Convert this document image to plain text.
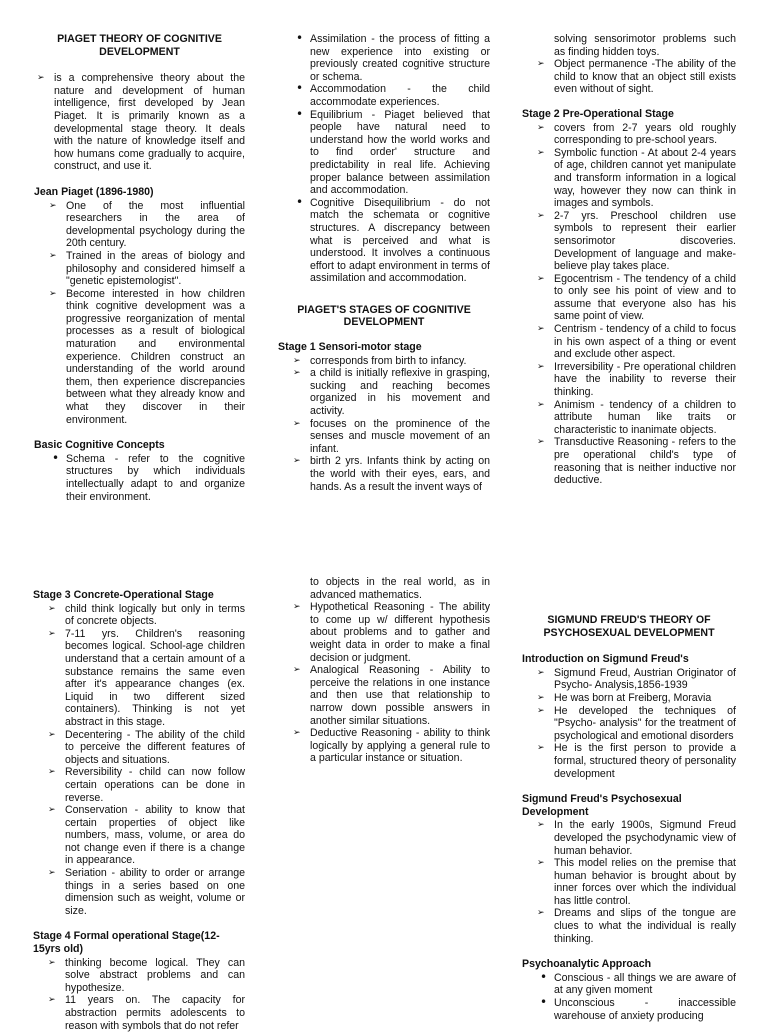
PIAGET THEORY OF COGNITIVE DEVELOPMENT
➢ is a comprehensive theory about the nature and development of human intelligence, first developed by Jean Piaget. It is primarily known as a developmental stage theory. It deals with the nature of knowledge itself and how humans come gradually to acquire, construct, and use it.
Jean Piaget (1896-1980)
➢ One of the most influential researchers in the area of developmental psychology during the 20th century.
➢ Trained in the areas of biology and philosophy and considered himself a "genetic epistemologist".
➢ Become interested in how children think cognitive development was a progressive reorganization of mental processes as a result of biological maturation and environmental experience. Children construct an understanding of the world around them, then experience discrepancies between what they already know and what they discover in their environment.
Basic Cognitive Concepts
• Schema - refer to the cognitive structures by which individuals intellectually adapt to and organize their environment.
• Assimilation - the process of fitting a new experience into existing or previously created cognitive structure or schema.
• Accommodation - the child accommodate experiences.
• Equilibrium - Piaget believed that people have natural need to understand how the world works and to find order' structure and predictability in real life. Achieving proper balance between assimilation and accommodation.
• Cognitive Disequilibrium - do not match the schemata or cognitive structures. A discrepancy between what is perceived and what is understood. It involves a continuous effort to adapt environment in terms of assimilation and accommodation.
PIAGET'S STAGES OF COGNITIVE DEVELOPMENT
Stage 1 Sensori-motor stage
➢ corresponds from birth to infancy.
➢ a child is initially reflexive in grasping, sucking and reaching becomes organized in his movement and activity.
➢ focuses on the prominence of the senses and muscle movement of an infant.
➢ birth 2 yrs. Infants think by acting on the world with their eyes, ears, and hands. As a result the invent ways of

solving sensorimotor problems such as finding hidden toys.

➢ Object permanence -The ability of the child to know that an object still exists even without of sight.
Stage 2 Pre-Operational Stage
➢ covers from 2-7 years old roughly corresponding to pre-school years.
➢ Symbolic function - At about 2-4 years of age, children cannot yet manipulate and transform information in a logical way, however they now can think in images and symbols.
➢ 2-7 yrs. Preschool children use symbols to represent their earlier sensorimotor discoveries. Development of language and make-believe play takes place.
➢ Egocentrism - The tendency of a child to only see his point of view and to assume that everyone also has his same point of view.
➢ Centrism - tendency of a child to focus in his own aspect of a thing or event and exclude other aspect.
➢ Irreversibility - Pre operational children have the inability to reverse their thinking.
➢ Animism - tendency of a children to attribute human like traits or characteristic to inanimate objects.
➢ Transductive Reasoning - refers to the pre operational child's type of reasoning that is neither inductive nor deductive.
Stage 3 Concrete-Operational Stage
➢ child think logically but only in terms of concrete objects.
➢ 7-11 yrs. Children's reasoning becomes logical. School-age children understand that a certain amount of a substance remains the same even after it's appearance changes (ex. Liquid in two different sized containers). Thinking is not yet abstract in this stage.
➢ Decentering - The ability of the child to perceive the different features of objects and situations.
➢ Reversibility - child can now follow certain operations can be done in reverse.
➢ Conservation - ability to know that certain properties of object like numbers, mass, volume, or area do not change even if there is a change in appearance.
➢ Seriation - ability to order or arrange things in a series based on one dimension such as weight, volume or size.
Stage 4 Formal operational Stage(12-15yrs old)
➢ thinking become logical. They can solve abstract problems and can hypothesize.
➢ 11 years on. The capacity for abstraction permits adolescents to reason with symbols that do not refer

to objects in the real world, as in advanced mathematics.

➢ Hypothetical Reasoning - The ability to come up w/ different hypothesis about problems and to gather and weight data in order to make a final decision or judgment.
➢ Analogical Reasoning - Ability to perceive the relations in one instance and then use that relationship to narrow down possible answers in another similar situations.
➢ Deductive Reasoning - ability to think logically by applying a general rule to a particular instance or situation.
SIGMUND FREUD'S THEORY OF PSYCHOSEXUAL DEVELOPMENT
Introduction on Sigmund Freud's
➢ Sigmund Freud, Austrian Originator of Psycho- Analysis,1856-1939
➢ He was born at Freiberg, Moravia
➢ He developed the techniques of "Psycho- analysis" for the treatment of psychological and emotional disorders
➢ He is the first person to provide a formal, structured theory of personality development
Sigmund Freud's Psychosexual Development
➢ In the early 1900s, Sigmund Freud developed the psychodynamic view of human behavior.
➢ This model relies on the premise that human behavior is brought about by inner forces over which the individual has little control.
➢ Dreams and slips of the tongue are clues to what the individual is really thinking.
Psychoanalytic Approach
• Conscious - all things we are aware of at any given moment
• Unconscious - inaccessible warehouse of anxiety producing
